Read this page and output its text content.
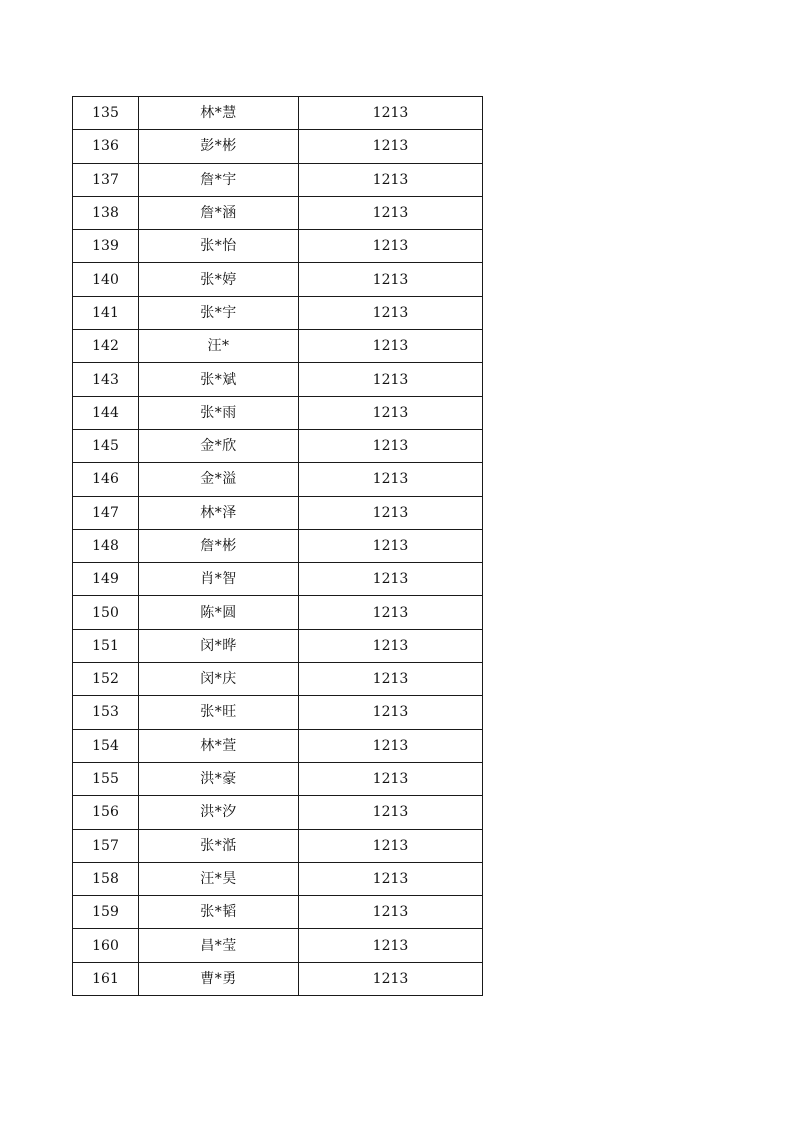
135	林*慧	1213
136	彭*彬	1213
137	詹*宇	1213
138	詹*涵	1213
139	张*怡	1213
140	张*婷	1213
141	张*宇	1213
142	汪*	1213
143	张*斌	1213
144	张*雨	1213
145	金*欣	1213
146	金*溢	1213
147	林*泽	1213
148	詹*彬	1213
149	肖*智	1213
150	陈*圆	1213
151	闵*晔	1213
152	闵*庆	1213
153	张*旺	1213
154	林*萱	1213
155	洪*豪	1213
156	洪*汐	1213
157	张*湉	1213
158	汪*昊	1213
159	张*韬	1213
160	昌*莹	1213
161	曹*勇	1213
